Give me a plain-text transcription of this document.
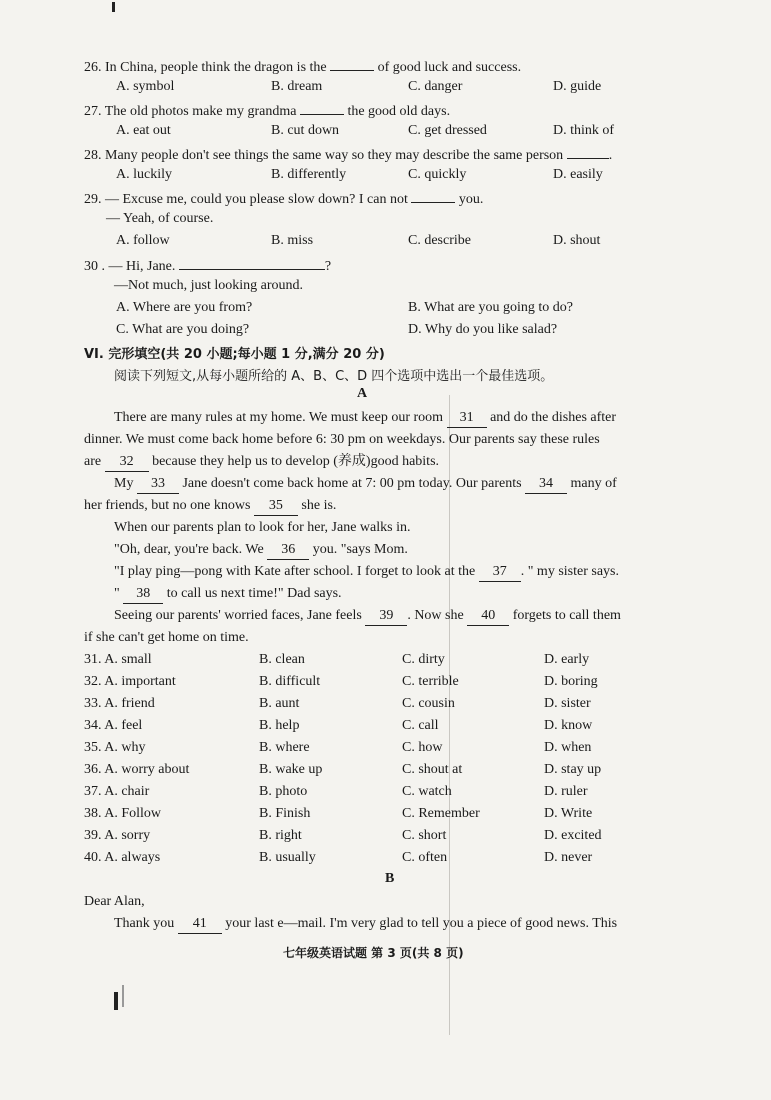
26. In China, people think the dragon is the	of good luck and success.
A. symbol	B. dream	C. danger	D. guide
27. The old photos make my grandma	the good old days.
A. eat out	B. cut down	C. get dressed	D. think of
28. Many people don't see things the same way so they may describe the same person	.
A. luckily	B. differently	C. quickly	D. easily
29. — Excuse me, could you please slow down? I can not	you.
— Yeah, of course.
A. follow	B. miss	C. describe	D. shout
30 . — Hi, Jane.	?
—Not much, just looking around.
A. Where are you from?	B. What are you going to do?
C. What are you doing?	D. Why do you like salad?
VI. 完形填空(共 20 小题;每小题 1 分,满分 20 分)
阅读下列短文,从每小题所给的 A、B、C、D 四个选项中选出一个最佳选项。
A
There are many rules at my home. We must keep our room 31 and do the dishes after
dinner. We must come back home before 6: 30 pm on weekdays. Our parents say these rules
are 32 because they help us to develop (养成)good habits.
My 33 Jane doesn't come back home at 7: 00 pm today. Our parents 34 many of
her friends, but no one knows 35 she is.
When our parents plan to look for her, Jane walks in.
"Oh, dear, you're back. We 36 you. "says Mom.
"I play ping—pong with Kate after school. I forget to look at the 37 . " my sister says.
" 38 to call us next time!" Dad says.
Seeing our parents' worried faces, Jane feels 39 . Now she 40 forgets to call them
if she can't get home on time.
31. A. small	B. clean	C. dirty	D. early
32. A. important	B. difficult	C. terrible	D. boring
33. A. friend	B. aunt	C. cousin	D. sister
34. A. feel	B. help	C. call	D. know
35. A. why	B. where	C. how	D. when
36. A. worry about	B. wake up	C. shout at	D. stay up
37. A. chair	B. photo	C. watch	D. ruler
38. A. Follow	B. Finish	C. Remember	D. Write
39. A. sorry	B. right	C. short	D. excited
40. A. always	B. usually	C. often	D. never
B
Dear Alan,
Thank you 41 your last e—mail. I'm very glad to tell you a piece of good news. This
七年级英语试题 第 3 页(共 8 页)
